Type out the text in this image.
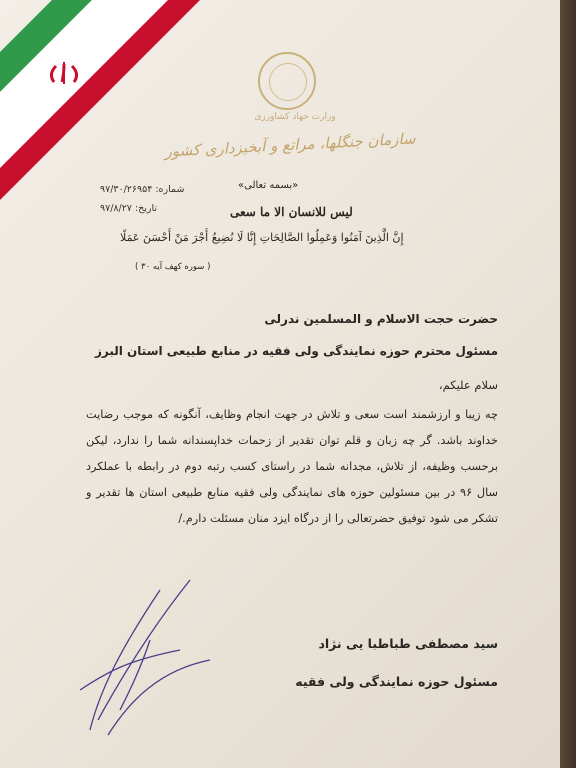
وزارت جهاد کشاورزی
سازمان جنگلها، مراتع و آبخیزداری کشور
«بسمه تعالی»
شماره: ۹۷/۳۰/۲۶۹۵۴
تاریخ: ۹۷/۸/۲۷	لیس للانسان الا ما سعی
إِنَّ الَّذِینَ آمَنُوا وَعَمِلُوا الصَّالِحَاتِ إِنَّا لَا نُضِیعُ أَجْرَ مَنْ أَحْسَنَ عَمَلًا
( سوره کهف آیه ۳۰ )
حضرت حجت الاسلام و المسلمین ندرلی
مسئول محترم حوزه نمایندگی ولی فقیه در منابع طبیعی استان البرز
سلام علیکم،

چه زیبا و ارزشمند است سعی و تلاش در جهت انجام وظایف، آنگونه که موجب رضایت خداوند باشد. گر چه زبان و قلم توان تقدیر از زحمات خداپسندانه شما را ندارد، لیکن برحسب وظیفه، از تلاش، مجدانه شما در راستای کسب رتبه دوم در رابطه با عملکرد سال ۹۶ در بین مسئولین حوزه های نمایندگی ولی فقیه منابع طبیعی استان ها تقدیر و تشکر می شود توفیق حضرتعالی را از درگاه ایزد منان مسئلت دارم./

سید مصطفی طباطبا یی نژاد
مسئول حوزه نمایندگی ولی فقیه
